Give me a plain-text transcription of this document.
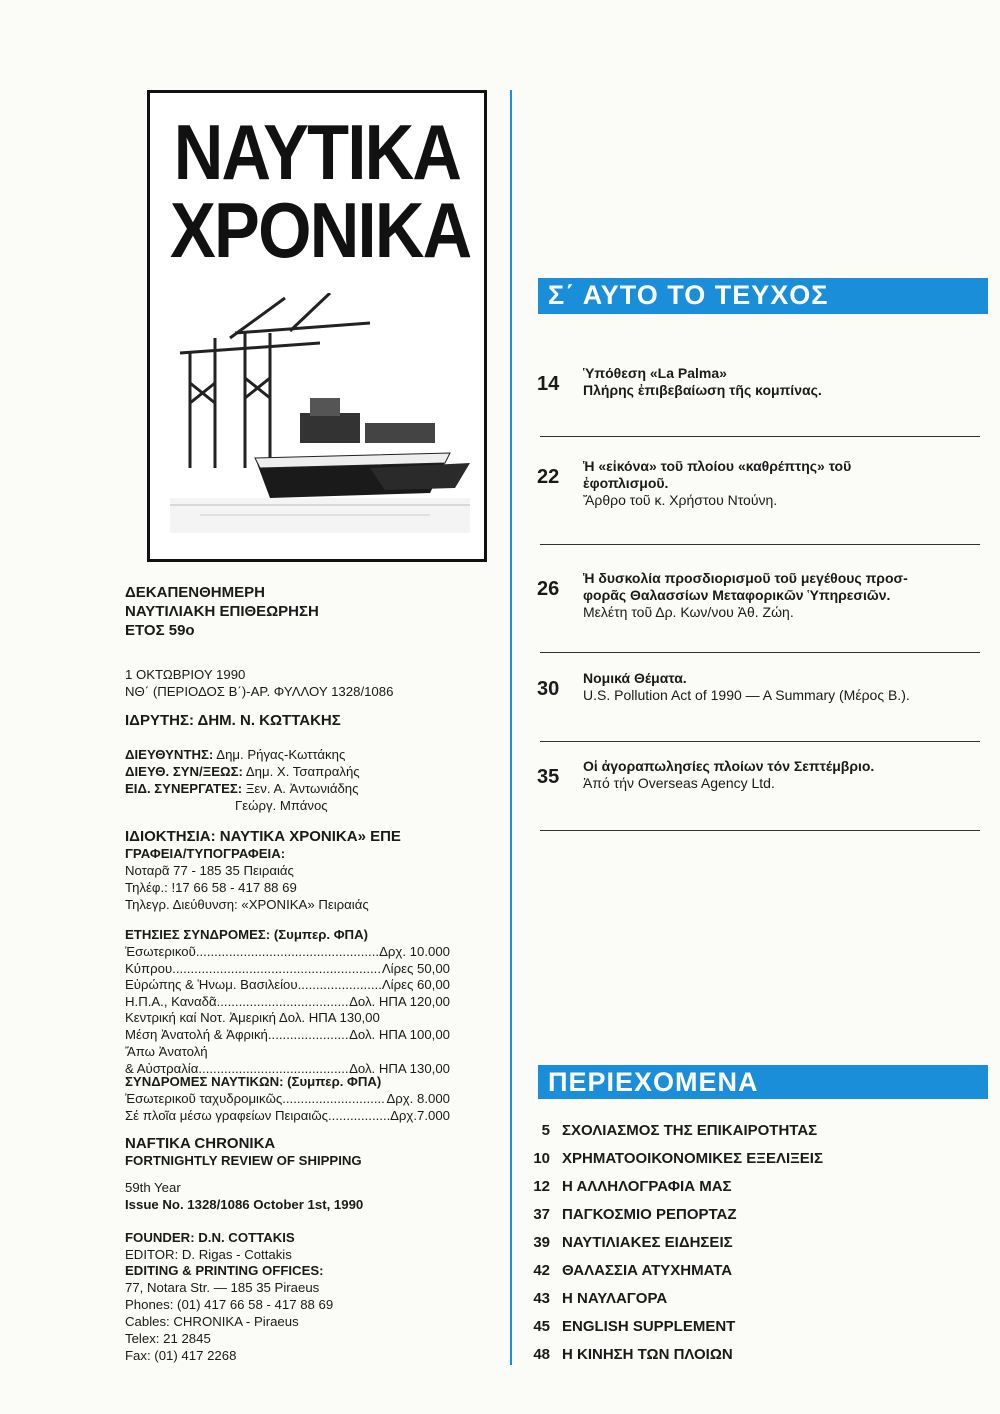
ΝΑΥΤΙΚΑ
ΧΡΟΝΙΚΑ
ΔΕΚΑΠΕΝΘΗΜΕΡΗ
ΝΑΥΤΙΛΙΑΚΗ ΕΠΙΘΕΩΡΗΣΗ
ΕΤΟΣ 59ο
1 ΟΚΤΩΒΡΙΟΥ 1990
ΝΘ΄ (ΠΕΡΙΟΔΟΣ Β΄)-ΑΡ. ΦΥΛΛΟΥ 1328/1086
ΙΔΡΥΤΗΣ: ΔΗΜ. Ν. ΚΩΤΤΑΚΗΣ
ΔΙΕΥΘΥΝΤΗΣ: Δημ. Ρήγας-Κωττάκης
ΔΙΕΥΘ. ΣΥΝ/ΞΕΩΣ: Δημ. Χ. Τσαπραλής
ΕΙΔ. ΣΥΝΕΡΓΑΤΕΣ: Ξεν. Α. Ἀντωνιάδης
Γεώργ. Μπάνος
ΙΔΙΟΚΤΗΣΙΑ: ΝΑΥΤΙΚΑ ΧΡΟΝΙΚΑ» ΕΠΕ
ΓΡΑΦΕΙΑ/ΤΥΠΟΓΡΑΦΕΙΑ:
Νοταρᾶ 77 - 185 35 Πειραιάς
Τηλέφ.: !17 66 58 - 417 88 69
Τηλεγρ. Διεύθυνση: «ΧΡΟΝΙΚΑ» Πειραιάς
ΕΤΗΣΙΕΣ ΣΥΝΔΡΟΜΕΣ: (Συμπερ. ΦΠΑ)
Ἐσωτερικοῦ .....	Δρχ. 10.000
Κύπρου .....	Λίρες 50,00
Εὐρώπης & Ἡνωμ. Βασιλείου .....	Λίρες 60,00
Η.Π.Α., Καναδᾶ .....	Δολ. ΗΠΑ 120,00
Κεντρική καί Νοτ. Ἀμερική Δολ. ΗΠΑ 130,00
Μέση Ἀνατολή & Ἀφρική .....	Δολ. ΗΠΑ 100,00
Ἄπω Ἀνατολή
& Αὐστραλία .....	Δολ. ΗΠΑ 130,00
ΣΥΝΔΡΟΜΕΣ ΝΑΥΤΙΚΩΝ: (Συμπερ. ΦΠΑ)
Ἐσωτερικοῦ ταχυδρομικῶς .....	Δρχ. 8.000
Σέ πλοῖα μέσω γραφείων Πειραιῶς .....	Δρχ.7.000
NAFTIKA CHRONIKA
FORTNIGHTLY REVIEW OF SHIPPING
59th Year
Issue No. 1328/1086 October 1st, 1990
FOUNDER: D.N. COTTAKIS
EDITOR: D. Rigas - Cottakis
EDITING & PRINTING OFFICES:
77, Notara Str. — 185 35 Piraeus
Phones: (01) 417 66 58 - 417 88 69
Cables: CHRONIKA - Piraeus
Telex: 21 2845
Fax: (01) 417 2268
Σ΄ ΑΥΤΟ ΤΟ ΤΕΥΧΟΣ
14 Ὑπόθεση «La Palma»
Πλήρης ἐπιβεβαίωση τῆς κομπίνας.
22 Ἡ «εἰκόνα» τοῦ πλοίου «καθρέπτης» τοῦ
ἐφοπλισμοῦ.
Ἄρθρο τοῦ κ. Χρήστου Ντούνη.
26 Ἡ δυσκολία προσδιορισμοῦ τοῦ μεγέθους προσ-
φορᾶς Θαλασσίων Μεταφορικῶν Ὑπηρεσιῶν.
Μελέτη τοῦ Δρ. Κων/νου Ἀθ. Ζώη.
30 Νομικά Θέματα.
U.S. Pollution Act of 1990 — A Summary (Μέρος Β.).
35 Οἱ ἀγοραπωλησίες πλοίων τόν Σεπτέμβριο.
Ἀπό τήν Overseas Agency Ltd.
ΠΕΡΙΕΧΟΜΕΝΑ
5 ΣΧΟΛΙΑΣΜΟΣ ΤΗΣ ΕΠΙΚΑΙΡΟΤΗΤΑΣ
10 ΧΡΗΜΑΤΟΟΙΚΟΝΟΜΙΚΕΣ ΕΞΕΛΙΞΕΙΣ
12 Η ΑΛΛΗΛΟΓΡΑΦΙΑ ΜΑΣ
37 ΠΑΓΚΟΣΜΙΟ ΡΕΠΟΡΤΑΖ
39 ΝΑΥΤΙΛΙΑΚΕΣ ΕΙΔΗΣΕΙΣ
42 ΘΑΛΑΣΣΙΑ ΑΤΥΧΗΜΑΤΑ
43 Η ΝΑΥΛΑΓΟΡΑ
45 ENGLISH SUPPLEMENT
48 Η ΚΙΝΗΣΗ ΤΩΝ ΠΛΟΙΩΝ
